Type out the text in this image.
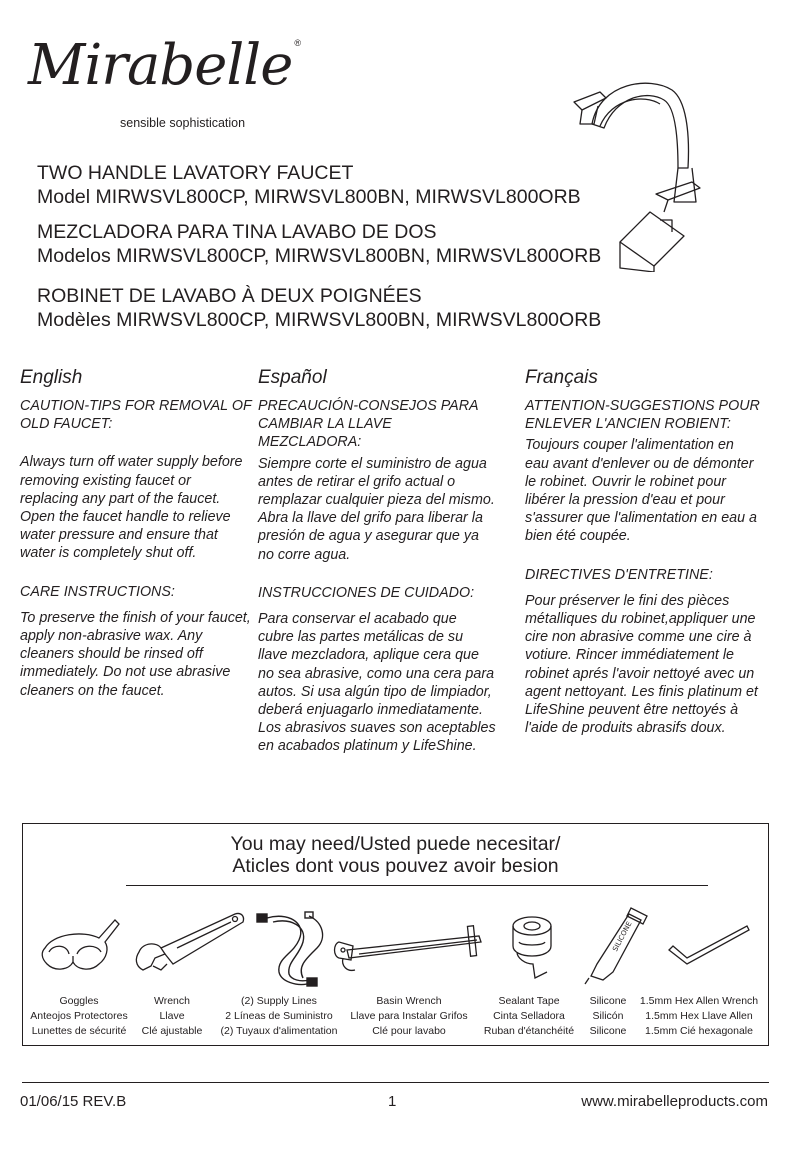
Mirabelle ®
sensible sophistication
TWO HANDLE LAVATORY FAUCET
Model MIRWSVL800CP, MIRWSVL800BN, MIRWSVL800ORB
MEZCLADORA PARA TINA LAVABO DE DOS
Modelos MIRWSVL800CP, MIRWSVL800BN, MIRWSVL800ORB
ROBINET DE LAVABO À DEUX POIGNÉES
Modèles MIRWSVL800CP, MIRWSVL800BN, MIRWSVL800ORB

English

CAUTION-TIPS FOR REMOVAL OF OLD FAUCET:

Always turn off water supply before removing existing faucet or replacing any part of the faucet. Open the faucet handle to relieve water pressure and ensure that water is completely shut off.

CARE INSTRUCTIONS:

To preserve the finish of your faucet, apply non-abrasive wax. Any cleaners should be rinsed off immediately. Do not use abrasive cleaners on the faucet.

Español

PRECAUCIÓN-CONSEJOS PARA CAMBIAR LA LLAVE MEZCLADORA:

Siempre corte el suministro de agua antes de retirar el grifo actual o remplazar cualquier pieza del mismo. Abra la llave del grifo para liberar la presión de agua y asegurar que ya no corre agua.

INSTRUCCIONES DE CUIDADO:

Para conservar el acabado que cubre las partes metálicas de su llave mezcladora, aplique cera que no sea abrasive, como una cera para autos. Si usa algún tipo de limpiador, deberá enjuagarlo inmediatamente. Los abrasivos suaves son aceptables en acabados platinum y LifeShine.

Français

ATTENTION-SUGGESTIONS POUR ENLEVER L'ANCIEN ROBIENT:

Toujours couper l'alimentation en eau avant d'enlever ou de démonter le robinet. Ouvrir le robinet pour libérer la pression d'eau et pour s'assurer que l'alimentation en eau a bien été coupée.

DIRECTIVES D'ENTRETINE:

Pour préserver le fini des pièces métalliques du robinet,appliquer une cire non abrasive comme une cire à votiure. Rincer immédiatement le robinet aprés l'avoir nettoyé avec un agent nettoyant. Les finis platinum et LifeShine peuvent être nettoyés à l'aide de produits abrasifs doux.

You may need/Usted puede necesitar/
Aticles dont vous pouvez avoir besion
SILICONE
Goggles
Anteojos Protectores
Lunettes de sécurité
Wrench
Llave
Clé ajustable
(2) Supply Lines
2 Líneas de Suministro
(2) Tuyaux d'alimentation
Basin Wrench
Llave para Instalar Grifos
Clé pour lavabo
Sealant Tape
Cinta Selladora
Ruban d'étanchéité
Silicone
Silicón
Silicone
1.5mm Hex Allen Wrench
1.5mm Hex Llave Allen
1.5mm Cié hexagonale
01/06/15 REV.B	1	www.mirabelleproducts.com
